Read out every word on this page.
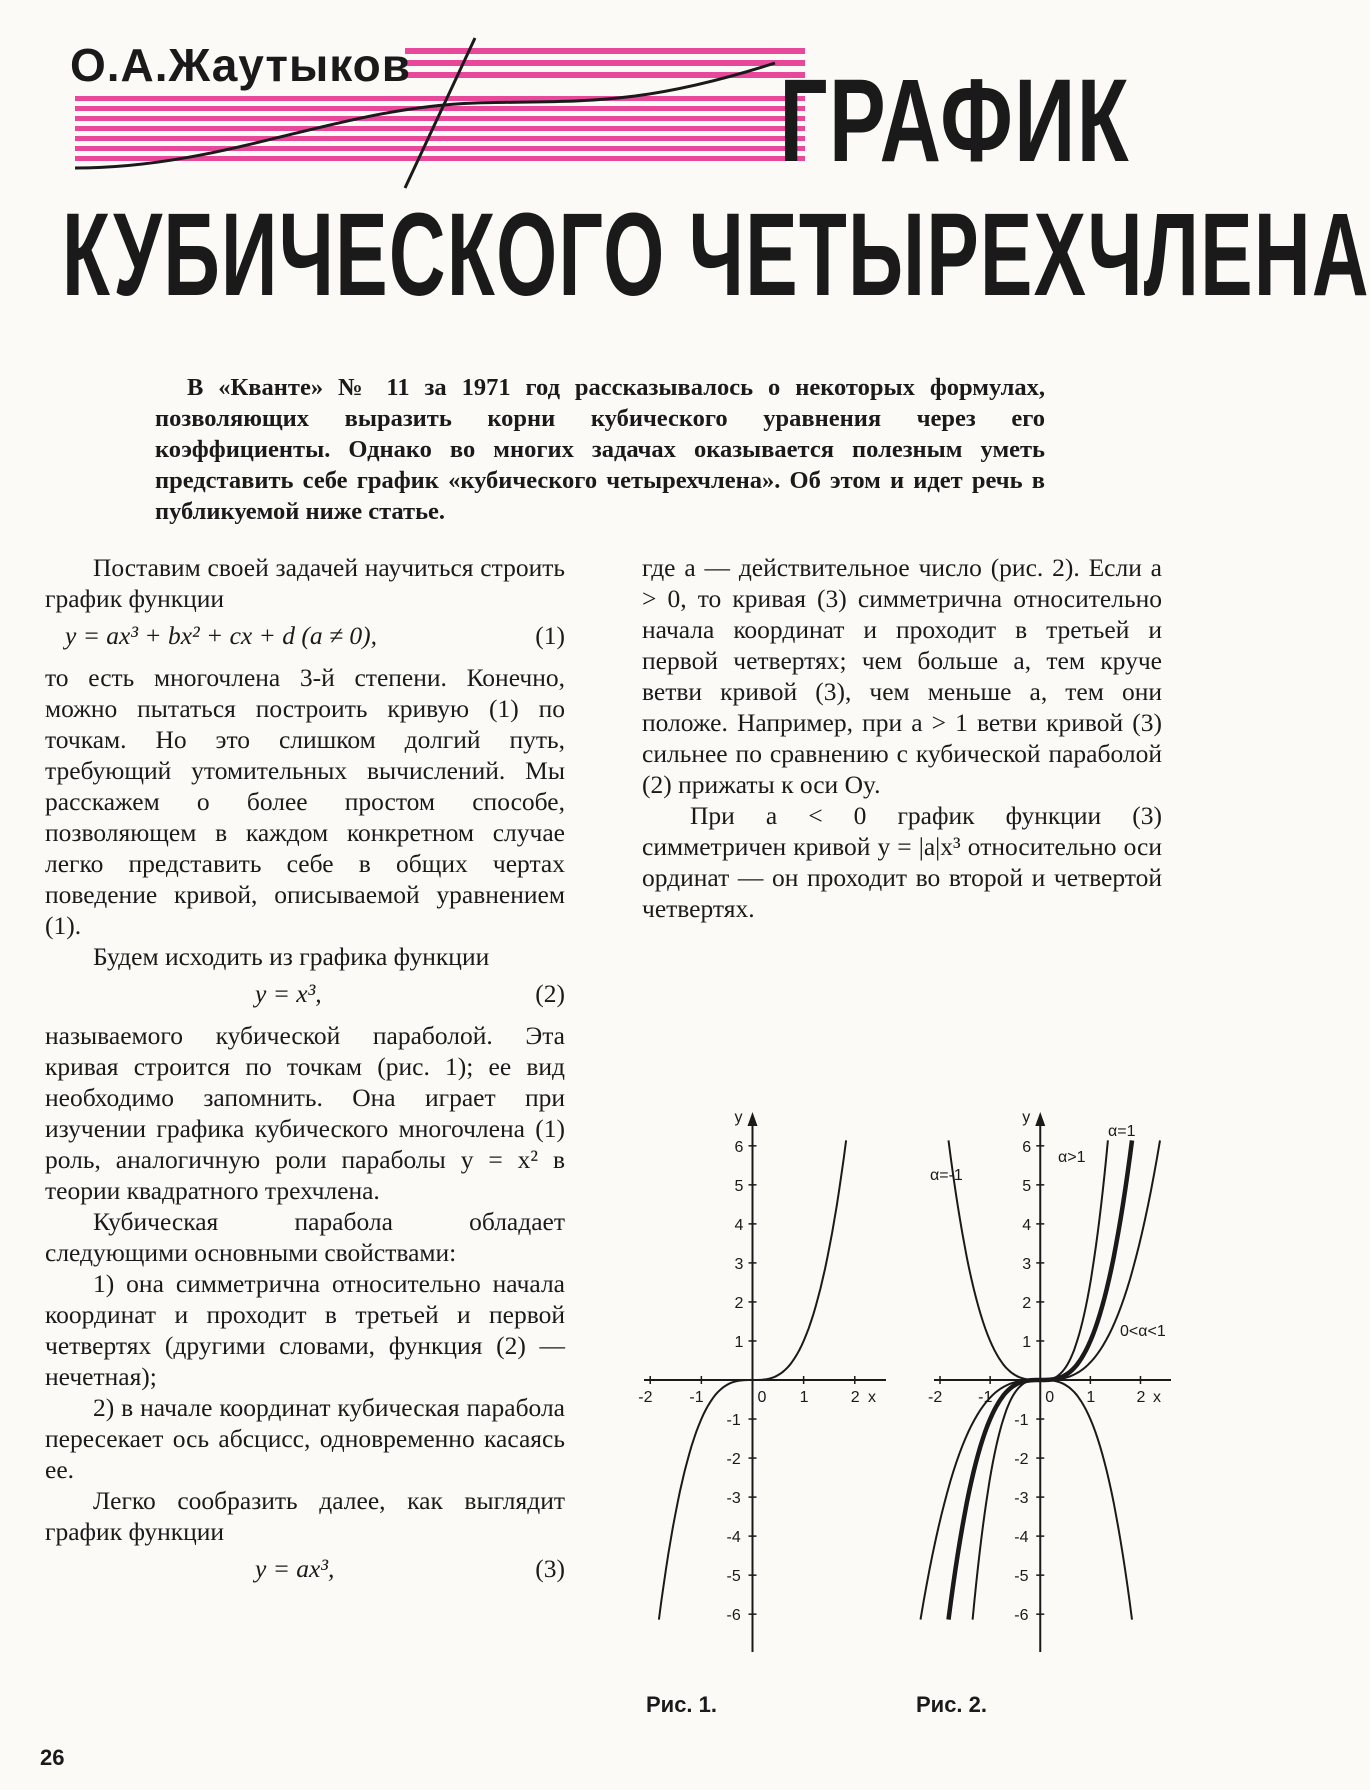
О.А.Жаутыков	ГРАФИК
КУБИЧЕСКОГО ЧЕТЫРЕХЧЛЕНА
В «Кванте» № 11 за 1971 год рассказывалось о некоторых формулах, позволяющих выразить корни кубического уравнения через его коэффициенты. Однако во многих задачах оказывается полезным уметь представить себе график «кубического четырехчлена». Об этом и идет речь в публикуемой ниже статье.

Поставим своей задачей научиться строить график функции

y = ax³ + bx² + cx + d (a ≠ 0),	(1)

то есть многочлена 3-й степени. Конечно, можно пытаться построить кривую (1) по точкам. Но это слишком долгий путь, требующий утомительных вычислений. Мы расскажем о более простом способе, позволяющем в каждом конкретном случае легко представить себе в общих чертах поведение кривой, описываемой уравнением (1).

Будем исходить из графика функции

y = x³,	(2)

называемого кубической параболой. Эта кривая строится по точкам (рис. 1); ее вид необходимо запомнить. Она играет при изучении графика кубического многочлена (1) роль, аналогичную роли параболы y = x² в теории квадратного трехчлена.

Кубическая парабола обладает следующими основными свойствами:

1) она симметрична относительно начала координат и проходит в третьей и первой четвертях (другими словами, функция (2) — нечетная);

2) в начале координат кубическая парабола пересекает ось абсцисс, одновременно касаясь ее.

Легко сообразить далее, как выглядит график функции

y = ax³,	(3)

где a — действительное число (рис. 2). Если a > 0, то кривая (3) симметрична относительно начала координат и проходит в третьей и первой четвертях; чем больше a, тем круче ветви кривой (3), чем меньше a, тем они положе. Например, при a > 1 ветви кривой (3) сильнее по сравнению с кубической параболой (2) прижаты к оси Oy.

При a < 0 график функции (3) симметричен кривой y = |a|x³ относительно оси ординат — он проходит во второй и четвертой четвертях.

y
x
-2 -1	0 1	2
-6
-5
-4
-3
-2
-1
1
2
3
4
5
6
y
x
-2 -1	0 1	2
-6
-5
-4
-3
-2
-1
1
2
3
4
5
6
α=-1
α>1
α=1
0<α<1
Рис. 1.	Рис. 2.
26
